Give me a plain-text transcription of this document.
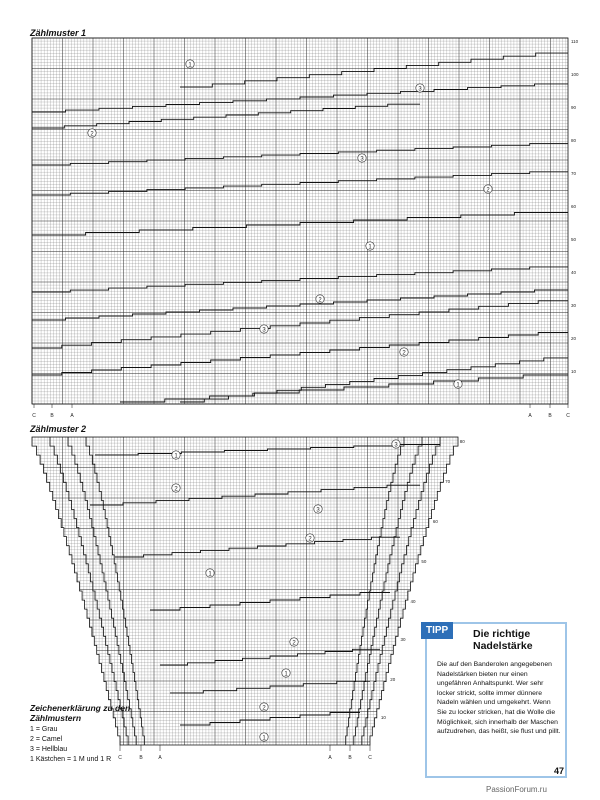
Zählmuster 1
110
100
90
80
70
60
50
40
30
20
10
1
3
2
3
2
1
2
3
2
1
C	B	A	A	B	C
Zählmuster 2
80
70
60
50
40
30
20
10
3
1
2
3
2
1
2
1
2
1
C	B	A	A	B	C
Zeichenerklärung zu den Zählmustern
1 = Grau
2 = Camel
3 = Hellblau
1 Kästchen = 1 M und 1 R
TIPP	Die richtige Nadelstärke
Die auf den Banderolen angegebenen Nadelstärken bieten nur einen ungefähren Anhaltspunkt. Wer sehr locker strickt, sollte immer dünnere Nadeln wählen und umgekehrt. Wenn Sie zu locker stricken, hat die Wolle die Möglichkeit, sich innerhalb der Maschen aufzudrehen, das heißt, sie flust und pillt.
47
PassionForum.ru
